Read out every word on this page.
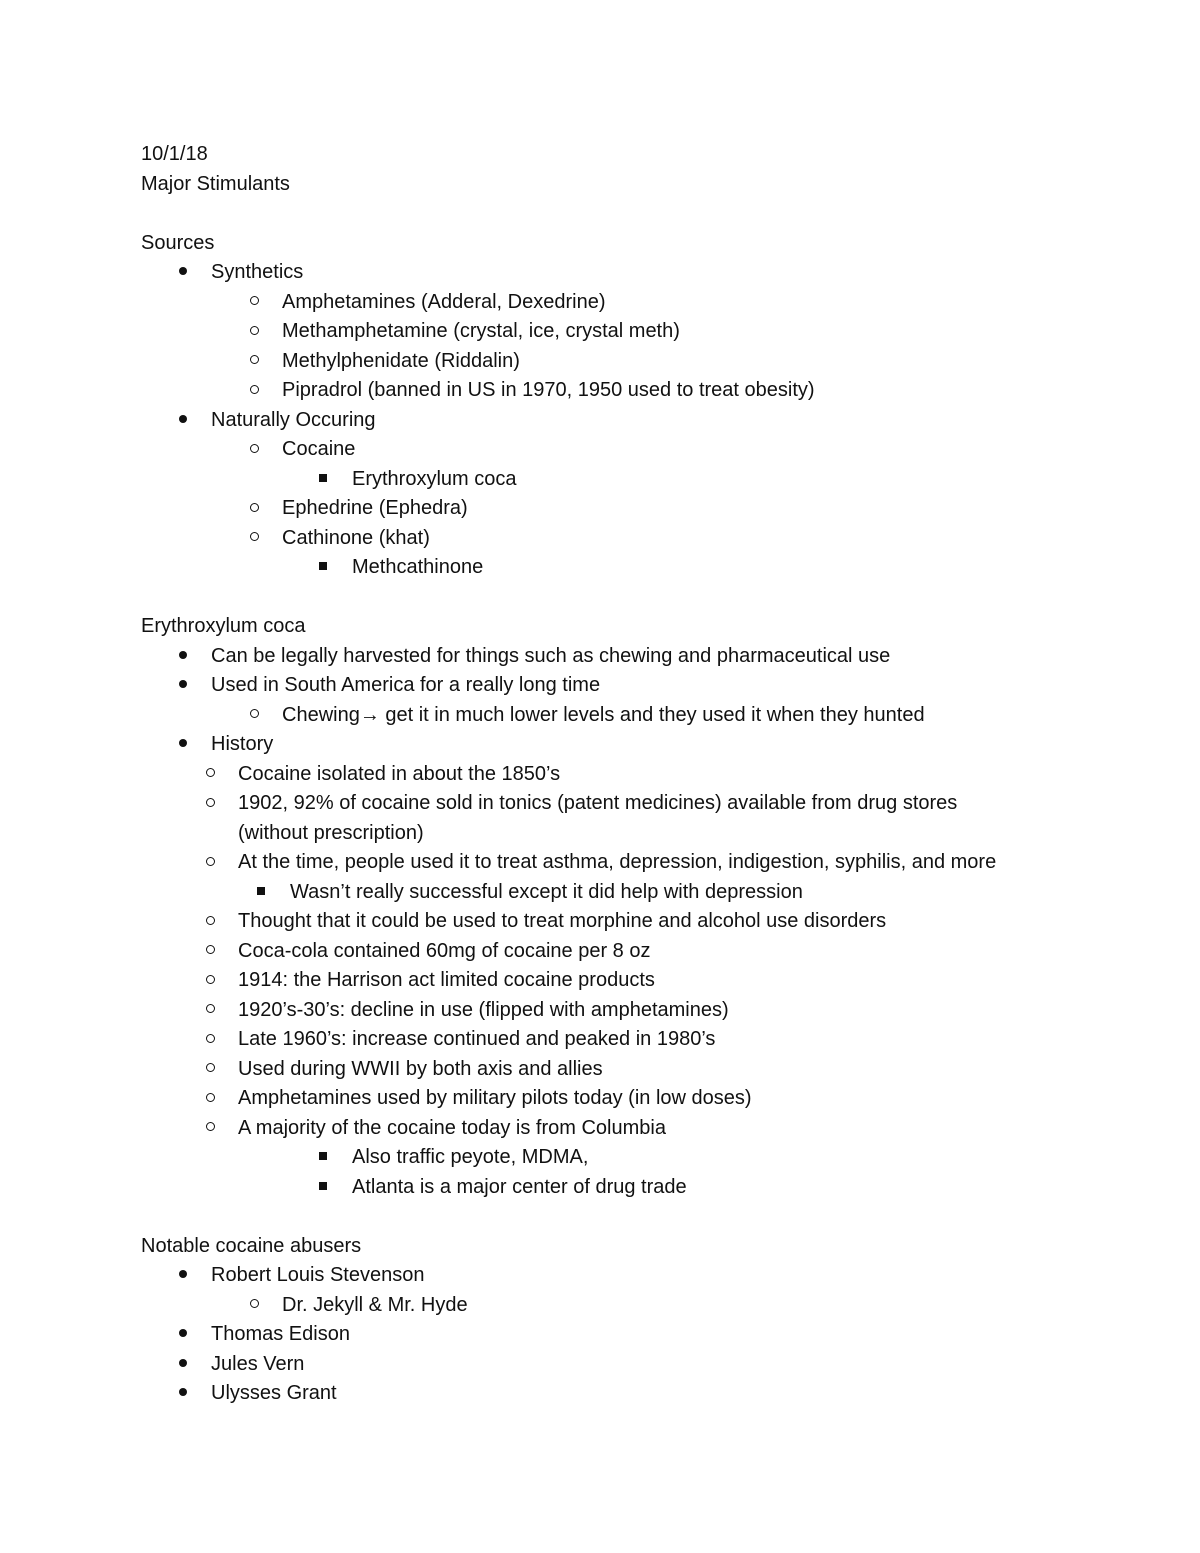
10/1/18
Major Stimulants
Sources
Synthetics
Amphetamines (Adderal, Dexedrine)
Methamphetamine (crystal, ice, crystal meth)
Methylphenidate (Riddalin)
Pipradrol (banned in US in 1970, 1950 used to treat obesity)
Naturally Occuring
Cocaine
Erythroxylum coca
Ephedrine (Ephedra)
Cathinone (khat)
Methcathinone
Erythroxylum coca
Can be legally harvested for things such as chewing and pharmaceutical use
Used in South America for a really long time
Chewing→ get it in much lower levels and they used it when they hunted
History
Cocaine isolated in about the 1850’s
1902, 92% of cocaine sold in tonics (patent medicines) available from drug stores
(without prescription)
At the time, people used it to treat asthma, depression, indigestion, syphilis, and more
Wasn’t really successful except it did help with depression
Thought that it could be used to treat morphine and alcohol use disorders
Coca-cola contained 60mg of cocaine per 8 oz
1914: the Harrison act limited cocaine products
1920’s-30’s: decline in use (flipped with amphetamines)
Late 1960’s: increase continued and peaked in 1980’s
Used during WWII by both axis and allies
Amphetamines used by military pilots today (in low doses)
A majority of the cocaine today is from Columbia
Also traffic peyote, MDMA,
Atlanta is a major center of drug trade
Notable cocaine abusers
Robert Louis Stevenson
Dr. Jekyll & Mr. Hyde
Thomas Edison
Jules Vern
Ulysses Grant
